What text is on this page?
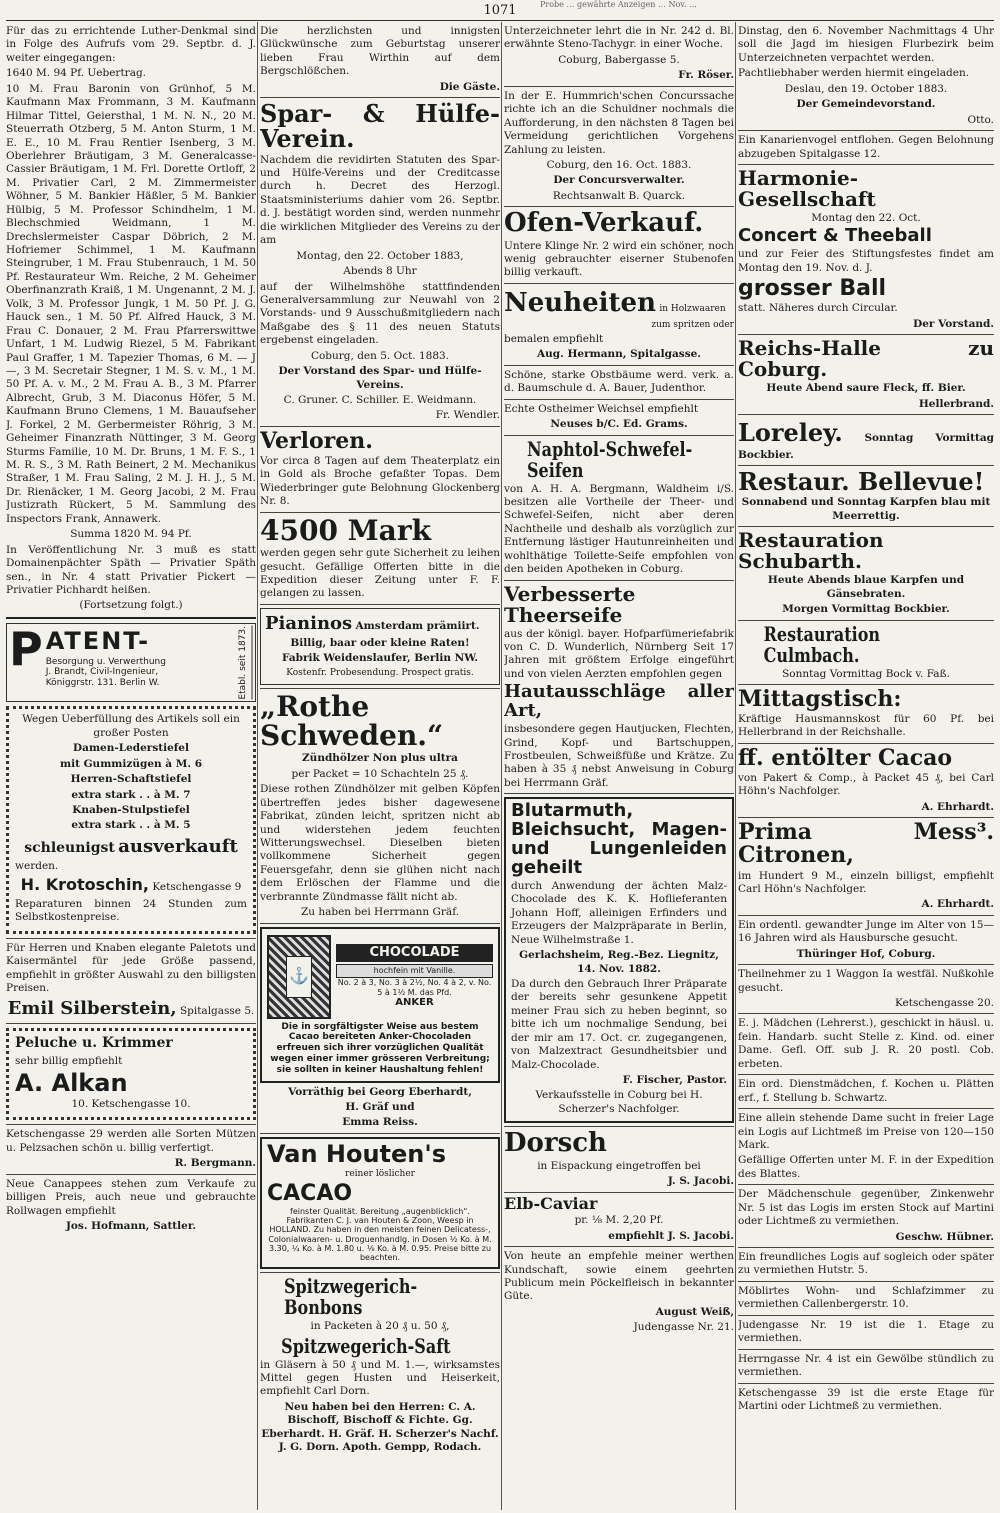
Probe … gewährte Anzeigen … Nov. …
1071

Für das zu errichtende Luther-Denkmal sind in Folge des Aufrufs vom 29. Septbr. d. J. weiter eingegangen:

1640 M. 94 Pf. Uebertrag.

10 M. Frau Baronin von Grünhof, 5 M. Kaufmann Max Frommann, 3 M. Kaufmann Hilmar Tittel, Geiersthal, 1 M. N. N., 20 M. Steuerrath Otzberg, 5 M. Anton Sturm, 1 M. E. E., 10 M. Frau Rentier Isenberg, 3 M. Oberlehrer Bräutigam, 3 M. Generalcasse-Cassier Bräutigam, 1 M. Frl. Dorette Ortloff, 2 M. Privatier Carl, 2 M. Zimmermeister Wöhner, 5 M. Bankier Häßler, 5 M. Bankier Hülbig, 5 M. Professor Schindhelm, 1 M. Blechschmied Weidmann, 1 M. Drechslermeister Caspar Döbrich, 2 M. Hofriemer Schimmel, 1 M. Kaufmann Steingruber, 1 M. Frau Stubenrauch, 1 M. 50 Pf. Restaurateur Wm. Reiche, 2 M. Geheimer Oberfinanzrath Kraiß, 1 M. Ungenannt, 2 M. J. Volk, 3 M. Professor Jungk, 1 M. 50 Pf. J. G. Hauck sen., 1 M. 50 Pf. Alfred Hauck, 3 M. Frau C. Donauer, 2 M. Frau Pfarrerswittwe Unfart, 1 M. Ludwig Riezel, 5 M. Fabrikant Paul Graffer, 1 M. Tapezier Thomas, 6 M. — J —, 3 M. Secretair Stegner, 1 M. S. v. M., 1 M. 50 Pf. A. v. M., 2 M. Frau A. B., 3 M. Pfarrer Albrecht, Grub, 3 M. Diaconus Höfer, 5 M. Kaufmann Bruno Clemens, 1 M. Bauaufseher J. Forkel, 2 M. Gerbermeister Röhrig, 3 M. Geheimer Finanzrath Nüttinger, 3 M. Georg Sturms Familie, 10 M. Dr. Bruns, 1 M. F. S., 1 M. R. S., 3 M. Rath Beinert, 2 M. Mechanikus Straßer, 1 M. Frau Saling, 2 M. J. H. J., 5 M. Dr. Rienäcker, 1 M. Georg Jacobi, 2 M. Frau Justizrath Rückert, 5 M. Sammlung des Inspectors Frank, Annawerk.

Summa 1820 M. 94 Pf.

In Veröffentlichung Nr. 3 muß es statt Domainenpächter Späth — Privatier Späth sen., in Nr. 4 statt Privatier Pickert — Privatier Pichhardt heißen.

(Fortsetzung folgt.)

P ATENT-
Besorgung u. Verwerthung
J. Brandt, Civil-Ingenieur,
Königgrstr. 131. Berlin W.	Etabl. seit 1873.

Wegen Ueberfüllung des Artikels soll ein großer Posten

Damen-Lederstiefel

mit Gummizügen à M. 6

Herren-Schaftstiefel

extra stark . . à M. 7

Knaben-Stulpstiefel

extra stark . . à M. 5

schleunigst ausverkauft

werden.

H. Krotoschin, Ketschengasse 9

Reparaturen binnen 24 Stunden zum Selbstkostenpreise.

Für Herren und Knaben elegante Paletots und Kaisermäntel für jede Größe passend, empfiehlt in größter Auswahl zu den billigsten Preisen.

Emil Silberstein, Spitalgasse 5.

Peluche u. Krimmer

sehr billig empfiehlt

A. Alkan

10. Ketschengasse 10.

Ketschengasse 29 werden alle Sorten Mützen u. Pelzsachen schön u. billig verfertigt.

R. Bergmann.

Neue Canappees stehen zum Verkaufe zu billigen Preis, auch neue und gebrauchte Rollwagen empfiehlt

Jos. Hofmann, Sattler.

Die herzlichsten und innigsten Glückwünsche zum Geburtstag unserer lieben Frau Wirthin auf dem Bergschlößchen.

Die Gäste.

Spar- & Hülfe-Verein.

Nachdem die revidirten Statuten des Spar- und Hülfe-Vereins und der Creditcasse durch h. Decret des Herzogl. Staatsministeriums dahier vom 26. Septbr. d. J. bestätigt worden sind, werden nunmehr die wirklichen Mitglieder des Vereins zu der am

Montag, den 22. October 1883,

Abends 8 Uhr

auf der Wilhelmshöhe stattfindenden Generalversammlung zur Neuwahl von 2 Vorstands- und 9 Ausschußmitgliedern nach Maßgabe des § 11 des neuen Statuts ergebenst eingeladen.

Coburg, den 5. Oct. 1883.

Der Vorstand des Spar- und Hülfe-Vereins.

C. Gruner. C. Schiller. E. Weidmann.

Fr. Wendler.

Verloren.

Vor circa 8 Tagen auf dem Theaterplatz ein in Gold als Broche gefaßter Topas. Dem Wiederbringer gute Belohnung Glockenberg Nr. 8.

4500 Mark

werden gegen sehr gute Sicherheit zu leihen gesucht. Gefällige Offerten bitte in die Expedition dieser Zeitung unter F. F. gelangen zu lassen.

Pianinos Amsterdam prämiirt.

Billig, baar oder kleine Raten!

Fabrik Weidenslaufer, Berlin NW.

Kostenfr. Probesendung. Prospect gratis.

„Rothe Schweden.“

Zündhölzer Non plus ultra

per Packet = 10 Schachteln 25 ₰.

Diese rothen Zündhölzer mit gelben Köpfen übertreffen jedes bisher dagewesene Fabrikat, zünden leicht, spritzen nicht ab und widerstehen jedem feuchten Witterungswechsel. Dieselben bieten vollkommene Sicherheit gegen Feuersgefahr, denn sie glühen nicht nach dem Erlöschen der Flamme und die verbrannte Zündmasse fällt nicht ab.

Zu haben bei Herrmann Gräf.

⚓
CHOCOLADE
hochfein mit Vanille.
No. 2 à 3, No. 3 à 2½, No. 4 à 2, v. No. 5 à 1½ M. das Pfd.
ANKER

Die in sorgfältigster Weise aus bestem Cacao bereiteten Anker-Chocoladen erfreuen sich ihrer vorzüglichen Qualität wegen einer immer grösseren Verbreitung; sie sollten in keiner Haushaltung fehlen!

Vorräthig bei Georg Eberhardt,

H. Gräf und

Emma Reiss.

Van Houten's

reiner löslicher

CACAO

feinster Qualität. Bereitung „augenblicklich“. Fabrikanten C. J. van Houten & Zoon, Weesp in HOLLAND. Zu haben in den meisten feinen Delicatess-, Colonialwaaren- u. Droguenhandlg. in Dosen ½ Ko. à M. 3.30, ¼ Ko. à M. 1.80 u. ⅛ Ko. à M. 0.95. Preise bitte zu beachten.

Spitzwegerich-Bonbons

in Packeten à 20 ₰ u. 50 ₰,

Spitzwegerich-Saft

in Gläsern à 50 ₰ und M. 1.—, wirksamstes Mittel gegen Husten und Heiserkeit, empfiehlt Carl Dorn.

Neu haben bei den Herren: C. A. Bischoff, Bischoff & Fichte. Gg. Eberhardt. H. Gräf. H. Scherzer's Nachf. J. G. Dorn. Apoth. Gempp, Rodach.

Unterzeichneter lehrt die in Nr. 242 d. Bl. erwähnte Steno-Tachygr. in einer Woche.

Coburg, Babergasse 5.

Fr. Röser.

In der E. Hummrich'schen Concurssache richte ich an die Schuldner nochmals die Aufforderung, in den nächsten 8 Tagen bei Vermeidung gerichtlichen Vorgehens Zahlung zu leisten.

Coburg, den 16. Oct. 1883.

Der Concursverwalter.

Rechtsanwalt B. Quarck.

Ofen-Verkauf.

Untere Klinge Nr. 2 wird ein schöner, noch wenig gebrauchter eiserner Stubenofen billig verkauft.

Neuheiten in Holzwaaren

zum spritzen oder

bemalen empfiehlt

Aug. Hermann, Spitalgasse.

Schöne, starke Obstbäume werd. verk. a. d. Baumschule d. A. Bauer, Judenthor.

Echte Ostheimer Weichsel empfiehlt

Neuses b/C. Ed. Grams.

Naphtol-Schwefel-Seifen

von A. H. A. Bergmann, Waldheim i/S. besitzen alle Vortheile der Theer- und Schwefel-Seifen, nicht aber deren Nachtheile und deshalb als vorzüglich zur Entfernung lästiger Hautunreinheiten und wohlthätige Toilette-Seife empfohlen von den beiden Apotheken in Coburg.

Verbesserte Theerseife

aus der königl. bayer. Hofparfümeriefabrik von C. D. Wunderlich, Nürnberg Seit 17 Jahren mit größtem Erfolge eingeführt und von vielen Aerzten empfohlen gegen

Hautausschläge aller Art,

insbesondere gegen Hautjucken, Flechten, Grind, Kopf- und Bartschuppen, Frostbeulen, Schweißfüße und Krätze. Zu haben à 35 ₰ nebst Anweisung in Coburg bei Herrmann Gräf.

Blutarmuth, Bleichsucht, Magen- und Lungenleiden geheilt

durch Anwendung der ächten Malz-Chocolade des K. K. Hoflieferanten Johann Hoff, alleinigen Erfinders und Erzeugers der Malzpräparate in Berlin, Neue Wilhelmstraße 1.

Gerlachsheim, Reg.-Bez. Liegnitz, 14. Nov. 1882.

Da durch den Gebrauch Ihrer Präparate der bereits sehr gesunkene Appetit meiner Frau sich zu heben beginnt, so bitte ich um nochmalige Sendung, bei der mir am 17. Oct. cr. zugegangenen, von Malzextract Gesundheitsbier und Malz-Chocolade.

F. Fischer, Pastor.

Verkaufsstelle in Coburg bei H. Scherzer's Nachfolger.

Dorsch

in Eispackung eingetroffen bei

J. S. Jacobi.

Elb-Caviar

pr. ⅛ M. 2,20 Pf.

empfiehlt J. S. Jacobi.

Von heute an empfehle meiner werthen Kundschaft, sowie einem geehrten Publicum mein Pöckelfleisch in bekannter Güte.

August Weiß,

Judengasse Nr. 21.

Dinstag, den 6. November Nachmittags 4 Uhr soll die Jagd im hiesigen Flurbezirk beim Unterzeichneten verpachtet werden.

Pachtliebhaber werden hiermit eingeladen.

Deslau, den 19. October 1883.

Der Gemeindevorstand.

Otto.

Ein Kanarienvogel entflohen. Gegen Belohnung abzugeben Spitalgasse 12.

Harmonie-Gesellschaft

Montag den 22. Oct.

Concert & Theeball

und zur Feier des Stiftungsfestes findet am Montag den 19. Nov. d. J.

grosser Ball

statt. Näheres durch Circular.

Der Vorstand.

Reichs-Halle zu Coburg.

Heute Abend saure Fleck, ff. Bier.

Hellerbrand.

Loreley. Sonntag Vormittag Bockbier.

Restaur. Bellevue!

Sonnabend und Sonntag Karpfen blau mit Meerrettig.

Restauration Schubarth.

Heute Abends blaue Karpfen und Gänsebraten.

Morgen Vormittag Bockbier.

Restauration Culmbach.

Sonntag Vormittag Bock v. Faß.

Mittagstisch:

Kräftige Hausmannskost für 60 Pf. bei Hellerbrand in der Reichshalle.

ff. entölter Cacao

von Pakert & Comp., à Packet 45 ₰, bei Carl Höhn's Nachfolger.

A. Ehrhardt.

Prima Mess³. Citronen,

im Hundert 9 M., einzeln billigst, empfiehlt Carl Höhn's Nachfolger.

A. Ehrhardt.

Ein ordentl. gewandter Junge im Alter von 15—16 Jahren wird als Hausbursche gesucht.

Thüringer Hof, Coburg.

Theilnehmer zu 1 Waggon Ia westfäl. Nußkohle gesucht.

Ketschengasse 20.

E. j. Mädchen (Lehrerst.), geschickt in häusl. u. fein. Handarb. sucht Stelle z. Kind. od. einer Dame. Gefl. Off. sub J. R. 20 postl. Cob. erbeten.

Ein ord. Dienstmädchen, f. Kochen u. Plätten erf., f. Stellung b. Schwartz.

Eine allein stehende Dame sucht in freier Lage ein Logis auf Lichtmeß im Preise von 120—150 Mark.

Gefällige Offerten unter M. F. in der Expedition des Blattes.

Der Mädchenschule gegenüber, Zinkenwehr Nr. 5 ist das Logis im ersten Stock auf Martini oder Lichtmeß zu vermiethen.

Geschw. Hübner.

Ein freundliches Logis auf sogleich oder später zu vermiethen Hutstr. 5.

Möblirtes Wohn- und Schlafzimmer zu vermiethen Callenbergerstr. 10.

Judengasse Nr. 19 ist die 1. Etage zu vermiethen.

Herrngasse Nr. 4 ist ein Gewölbe stündlich zu vermiethen.

Ketschengasse 39 ist die erste Etage für Martini oder Lichtmeß zu vermiethen.
